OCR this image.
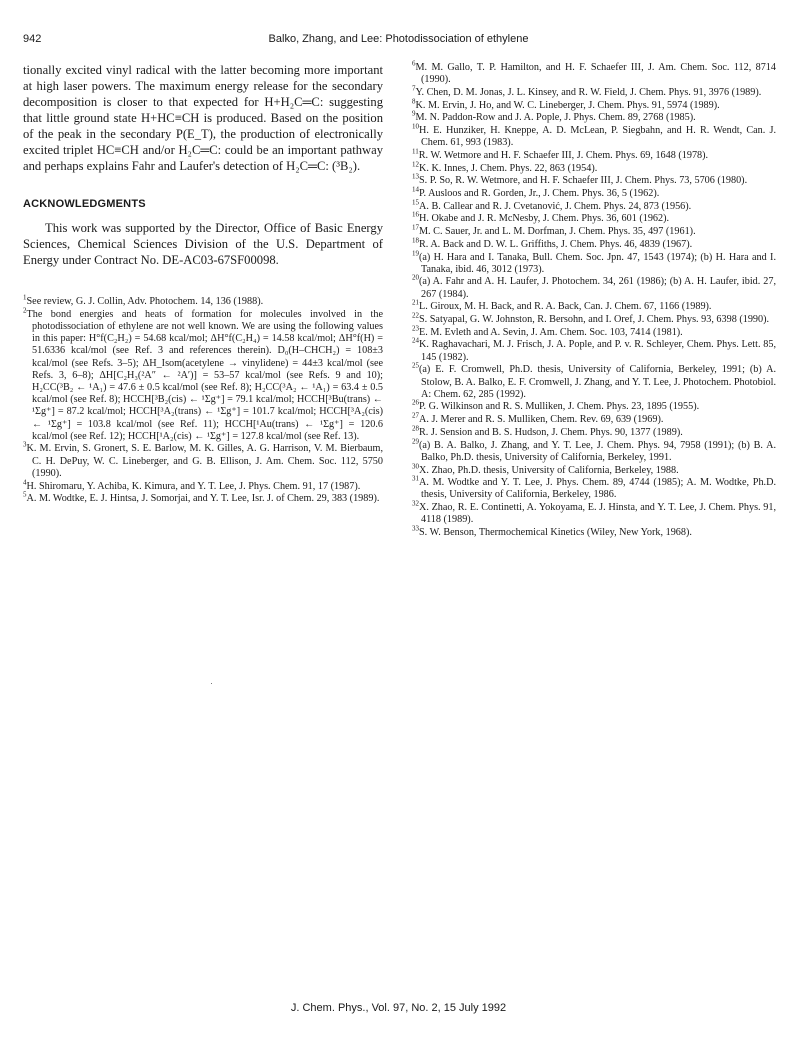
942	Balko, Zhang, and Lee: Photodissociation of ethylene

tionally excited vinyl radical with the latter becoming more important at high laser powers. The maximum energy release for the secondary decomposition is closer to that expected for H+H₂C═C: suggesting that little ground state H+HC≡CH is produced. Based on the position of the peak in the secondary P(E_T), the production of electronically excited triplet HC≡CH and/or H₂C═C: could be an important pathway and perhaps explains Fahr and Laufer's detection of H₂C═C: (³B₂).

ACKNOWLEDGMENTS

This work was supported by the Director, Office of Basic Energy Sciences, Chemical Sciences Division of the U.S. Department of Energy under Contract No. DE-AC03-67SF00098.

$^1$See review, G. J. Collin, Adv. Photochem. 14, 136 (1988).

$^2$The bond energies and heats of formation for molecules involved in the photodissociation of ethylene are not well known. We are using the following values in this paper: H°f(C₂H₂) = 54.68 kcal/mol; ΔH°f(C₂H₄) = 14.58 kcal/mol; ΔH°f(H) = 51.6336 kcal/mol (see Ref. 3 and references therein). D₀(H–CHCH₂) = 108±3 kcal/mol (see Refs. 3–5); ΔH_Isom(acetylene → vinylidene) = 44±3 kcal/mol (see Refs. 3, 6–8); ΔH[C₂H₃(²A″ ← ²A′)] = 53–57 kcal/mol (see Refs. 9 and 10); H₂CC(³B₂ ← ¹A₁) = 47.6 ± 0.5 kcal/mol (see Ref. 8); H₂CC(³A₂ ← ¹A₁) = 63.4 ± 0.5 kcal/mol (see Ref. 8); HCCH[³B₂(cis) ← ¹Σg⁺] = 79.1 kcal/mol; HCCH[³Bu(trans) ← ¹Σg⁺] = 87.2 kcal/mol; HCCH[³A₂(trans) ← ¹Σg⁺] = 101.7 kcal/mol; HCCH[³A₂(cis) ← ¹Σg⁺] = 103.8 kcal/mol (see Ref. 11); HCCH[¹Au(trans) ← ¹Σg⁺] = 120.6 kcal/mol (see Ref. 12); HCCH[¹A₂(cis) ← ¹Σg⁺] = 127.8 kcal/mol (see Ref. 13).

$^3$K. M. Ervin, S. Gronert, S. E. Barlow, M. K. Gilles, A. G. Harrison, V. M. Bierbaum, C. H. DePuy, W. C. Lineberger, and G. B. Ellison, J. Am. Chem. Soc. 112, 5750 (1990).

$^4$H. Shiromaru, Y. Achiba, K. Kimura, and Y. T. Lee, J. Phys. Chem. 91, 17 (1987).

$^5$A. M. Wodtke, E. J. Hintsa, J. Somorjai, and Y. T. Lee, Isr. J. of Chem. 29, 383 (1989).

$^6$M. M. Gallo, T. P. Hamilton, and H. F. Schaefer III, J. Am. Chem. Soc. 112, 8714 (1990).

$^7$Y. Chen, D. M. Jonas, J. L. Kinsey, and R. W. Field, J. Chem. Phys. 91, 3976 (1989).

$^8$K. M. Ervin, J. Ho, and W. C. Lineberger, J. Chem. Phys. 91, 5974 (1989).

$^9$M. N. Paddon-Row and J. A. Pople, J. Phys. Chem. 89, 2768 (1985).

$^{10}$H. E. Hunziker, H. Kneppe, A. D. McLean, P. Siegbahn, and H. R. Wendt, Can. J. Chem. 61, 993 (1983).

$^{11}$R. W. Wetmore and H. F. Schaefer III, J. Chem. Phys. 69, 1648 (1978).

$^{12}$K. K. Innes, J. Chem. Phys. 22, 863 (1954).

$^{13}$S. P. So, R. W. Wetmore, and H. F. Schaefer III, J. Chem. Phys. 73, 5706 (1980).

$^{14}$P. Ausloos and R. Gorden, Jr., J. Chem. Phys. 36, 5 (1962).

$^{15}$A. B. Callear and R. J. Cvetanović, J. Chem. Phys. 24, 873 (1956).

$^{16}$H. Okabe and J. R. McNesby, J. Chem. Phys. 36, 601 (1962).

$^{17}$M. C. Sauer, Jr. and L. M. Dorfman, J. Chem. Phys. 35, 497 (1961).

$^{18}$R. A. Back and D. W. L. Griffiths, J. Chem. Phys. 46, 4839 (1967).

$^{19}$(a) H. Hara and I. Tanaka, Bull. Chem. Soc. Jpn. 47, 1543 (1974); (b) H. Hara and I. Tanaka, ibid. 46, 3012 (1973).

$^{20}$(a) A. Fahr and A. H. Laufer, J. Photochem. 34, 261 (1986); (b) A. H. Laufer, ibid. 27, 267 (1984).

$^{21}$L. Giroux, M. H. Back, and R. A. Back, Can. J. Chem. 67, 1166 (1989).

$^{22}$S. Satyapal, G. W. Johnston, R. Bersohn, and I. Oref, J. Chem. Phys. 93, 6398 (1990).

$^{23}$E. M. Evleth and A. Sevin, J. Am. Chem. Soc. 103, 7414 (1981).

$^{24}$K. Raghavachari, M. J. Frisch, J. A. Pople, and P. v. R. Schleyer, Chem. Phys. Lett. 85, 145 (1982).

$^{25}$(a) E. F. Cromwell, Ph.D. thesis, University of California, Berkeley, 1991; (b) A. Stolow, B. A. Balko, E. F. Cromwell, J. Zhang, and Y. T. Lee, J. Photochem. Photobiol. A: Chem. 62, 285 (1992).

$^{26}$P. G. Wilkinson and R. S. Mulliken, J. Chem. Phys. 23, 1895 (1955).

$^{27}$A. J. Merer and R. S. Mulliken, Chem. Rev. 69, 639 (1969).

$^{28}$R. J. Sension and B. S. Hudson, J. Chem. Phys. 90, 1377 (1989).

$^{29}$(a) B. A. Balko, J. Zhang, and Y. T. Lee, J. Chem. Phys. 94, 7958 (1991); (b) B. A. Balko, Ph.D. thesis, University of California, Berkeley, 1991.

$^{30}$X. Zhao, Ph.D. thesis, University of California, Berkeley, 1988.

$^{31}$A. M. Wodtke and Y. T. Lee, J. Phys. Chem. 89, 4744 (1985); A. M. Wodtke, Ph.D. thesis, University of California, Berkeley, 1986.

$^{32}$X. Zhao, R. E. Continetti, A. Yokoyama, E. J. Hinsta, and Y. T. Lee, J. Chem. Phys. 91, 4118 (1989).

$^{33}$S. W. Benson, Thermochemical Kinetics (Wiley, New York, 1968).

J. Chem. Phys., Vol. 97, No. 2, 15 July 1992
